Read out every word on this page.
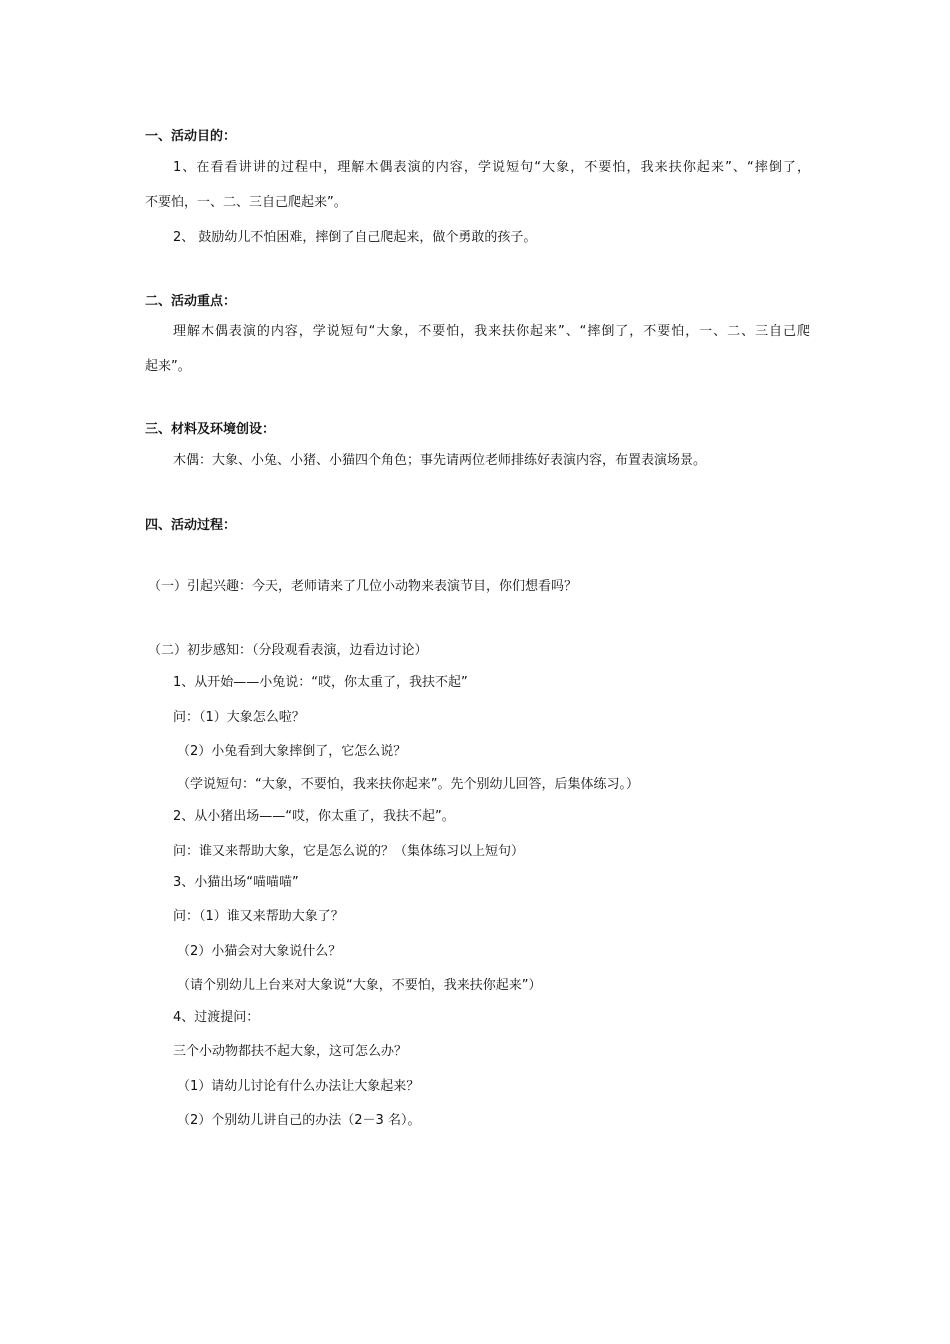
一、活动目的：
1、在看看讲讲的过程中，理解木偶表演的内容，学说短句“大象，不要怕，我来扶你起来”、“摔倒了，
不要怕，一、二、三自己爬起来”。
2、 鼓励幼儿不怕困难，摔倒了自己爬起来，做个勇敢的孩子。
二、活动重点：
理解木偶表演的内容，学说短句“大象，不要怕，我来扶你起来”、“摔倒了，不要怕，一、二、三自己爬
起来”。
三、材料及环境创设：
木偶：大象、小兔、小猪、小猫四个角色；事先请两位老师排练好表演内容，布置表演场景。
四、活动过程：
（一）引起兴趣：今天，老师请来了几位小动物来表演节目，你们想看吗？
（二）初步感知：（分段观看表演，边看边讨论）
1、从开始——小兔说：“哎，你太重了，我扶不起”
问：（1）大象怎么啦？
（2）小兔看到大象摔倒了，它怎么说？
（学说短句：“大象，不要怕，我来扶你起来”。先个别幼儿回答，后集体练习。）
2、从小猪出场——“哎，你太重了，我扶不起”。
问：谁又来帮助大象，它是怎么说的？（集体练习以上短句）
3、小猫出场“喵喵喵”
问：（1）谁又来帮助大象了？
（2）小猫会对大象说什么？
（请个别幼儿上台来对大象说“大象，不要怕，我来扶你起来”）
4、过渡提问：
三个小动物都扶不起大象，这可怎么办？
（1）请幼儿讨论有什么办法让大象起来？
（2）个别幼儿讲自己的办法（2－3 名）。
